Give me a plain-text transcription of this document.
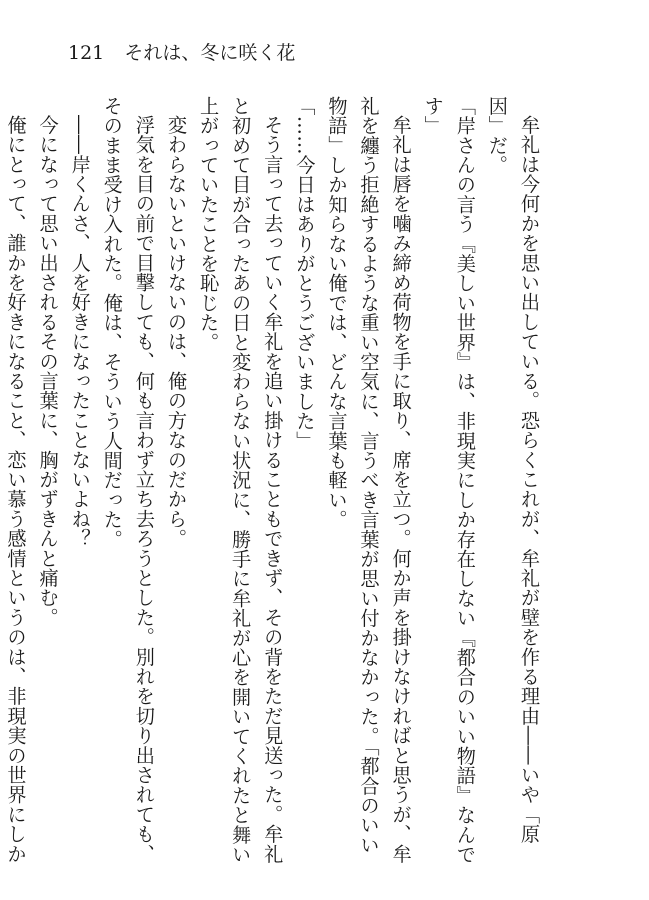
121 それは、冬に咲く花

牟礼は今何かを思い出している。恐らくこれが、牟礼が壁を作る理由――いや「原因」だ。

「岸さんの言う『美しい世界』は、非現実にしか存在しない『都合のいい物語』なんです」

牟礼は唇を噛み締め荷物を手に取り、席を立つ。何か声を掛けなければと思うが、牟礼を纏う拒絶するような重い空気に、言うべき言葉が思い付かなかった。「都合のいい物語」しか知らない俺では、どんな言葉も軽い。

「……今日はありがとうございました」

そう言って去っていく牟礼を追い掛けることもできず、その背をただ見送った。牟礼と初めて目が合ったあの日と変わらない状況に、勝手に牟礼が心を開いてくれたと舞い上がっていたことを恥じた。

変わらないといけないのは、俺の方なのだから。

浮気を目の前で目撃しても、何も言わず立ち去ろうとした。別れを切り出されても、そのまま受け入れた。俺は、そういう人間だった。

――岸くんさ、人を好きになったことないよね？

今になって思い出されるその言葉に、胸がずきんと痛む。

俺にとって、誰かを好きになること、恋い慕う感情というのは、非現実の世界にしか
